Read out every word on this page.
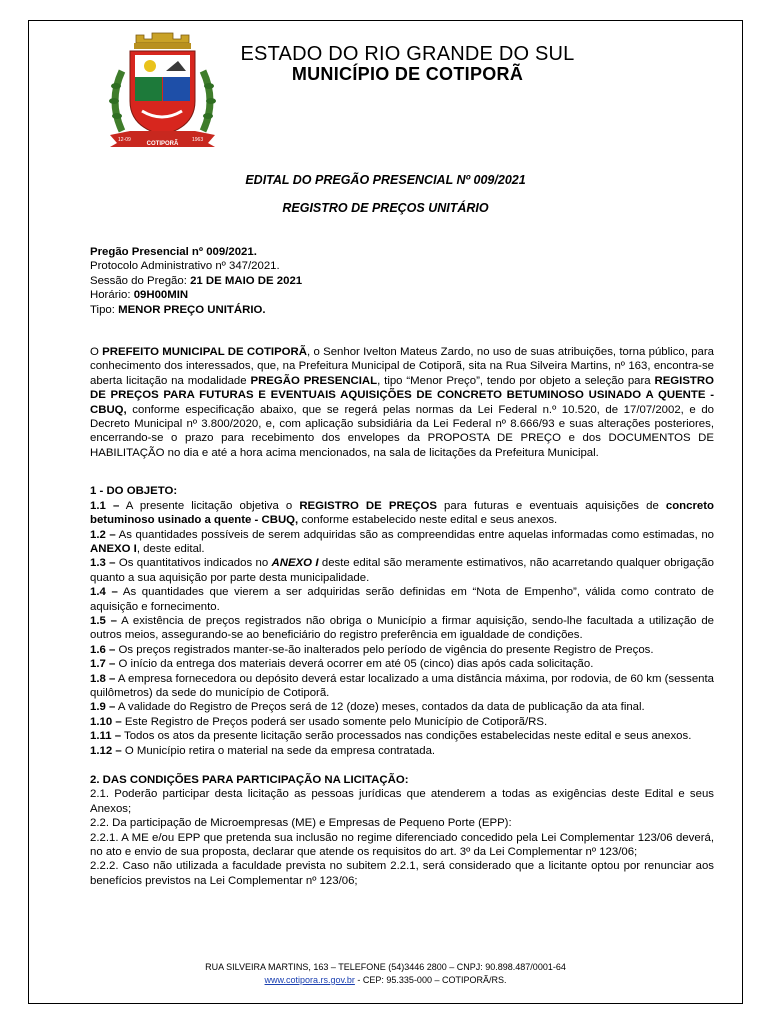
12-09	1963
COTIPORÃ
ESTADO DO RIO GRANDE DO SUL
MUNICÍPIO DE COTIPORÃ
EDITAL DO PREGÃO PRESENCIAL Nº 009/2021
REGISTRO DE PREÇOS UNITÁRIO

Pregão Presencial nº 009/2021.

Protocolo Administrativo nº 347/2021.

Sessão do Pregão: 21 DE MAIO DE 2021

Horário: 09H00MIN

Tipo: MENOR PREÇO UNITÁRIO.

O PREFEITO MUNICIPAL DE COTIPORÃ, o Senhor Ivelton Mateus Zardo, no uso de suas atribuições, torna público, para conhecimento dos interessados, que, na Prefeitura Municipal de Cotiporã, sita na Rua Silveira Martins, nº 163, encontra-se aberta licitação na modalidade PREGÃO PRESENCIAL, tipo “Menor Preço”, tendo por objeto a seleção para REGISTRO DE PREÇOS PARA FUTURAS E EVENTUAIS AQUISIÇÕES DE CONCRETO BETUMINOSO USINADO A QUENTE - CBUQ, conforme especificação abaixo, que se regerá pelas normas da Lei Federal n.º 10.520, de 17/07/2002, e do Decreto Municipal nº 3.800/2020, e, com aplicação subsidiária da Lei Federal nº 8.666/93 e suas alterações posteriores, encerrando-se o prazo para recebimento dos envelopes da PROPOSTA DE PREÇO e dos DOCUMENTOS DE HABILITAÇÃO no dia e até a hora acima mencionados, na sala de licitações da Prefeitura Municipal.

1 - DO OBJETO:

1.1 – A presente licitação objetiva o REGISTRO DE PREÇOS para futuras e eventuais aquisições de concreto betuminoso usinado a quente - CBUQ, conforme estabelecido neste edital e seus anexos.

1.2 – As quantidades possíveis de serem adquiridas são as compreendidas entre aquelas informadas como estimadas, no ANEXO I, deste edital.

1.3 – Os quantitativos indicados no ANEXO I deste edital são meramente estimativos, não acarretando qualquer obrigação quanto a sua aquisição por parte desta municipalidade.

1.4 – As quantidades que vierem a ser adquiridas serão definidas em “Nota de Empenho”, válida como contrato de aquisição e fornecimento.

1.5 – A existência de preços registrados não obriga o Município a firmar aquisição, sendo-lhe facultada a utilização de outros meios, assegurando-se ao beneficiário do registro preferência em igualdade de condições.

1.6 – Os preços registrados manter-se-ão inalterados pelo período de vigência do presente Registro de Preços.

1.7 – O início da entrega dos materiais deverá ocorrer em até 05 (cinco) dias após cada solicitação.

1.8 – A empresa fornecedora ou depósito deverá estar localizado a uma distância máxima, por rodovia, de 60 km (sessenta quilômetros) da sede do município de Cotiporã.

1.9 – A validade do Registro de Preços será de 12 (doze) meses, contados da data de publicação da ata final.

1.10 – Este Registro de Preços poderá ser usado somente pelo Município de Cotiporã/RS.

1.11 – Todos os atos da presente licitação serão processados nas condições estabelecidas neste edital e seus anexos.

1.12 – O Município retira o material na sede da empresa contratada.

2. DAS CONDIÇÕES PARA PARTICIPAÇÃO NA LICITAÇÃO:

2.1. Poderão participar desta licitação as pessoas jurídicas que atenderem a todas as exigências deste Edital e seus Anexos;

2.2. Da participação de Microempresas (ME) e Empresas de Pequeno Porte (EPP):

2.2.1. A ME e/ou EPP que pretenda sua inclusão no regime diferenciado concedido pela Lei Complementar 123/06 deverá, no ato e envio de sua proposta, declarar que atende os requisitos do art. 3º da Lei Complementar nº 123/06;

2.2.2. Caso não utilizada a faculdade prevista no subitem 2.2.1, será considerado que a licitante optou por renunciar aos benefícios previstos na Lei Complementar nº 123/06;

RUA SILVEIRA MARTINS, 163 – TELEFONE (54)3446 2800 – CNPJ: 90.898.487/0001-64
www.cotipora.rs.gov.br - CEP: 95.335-000 – COTIPORÃ/RS.
